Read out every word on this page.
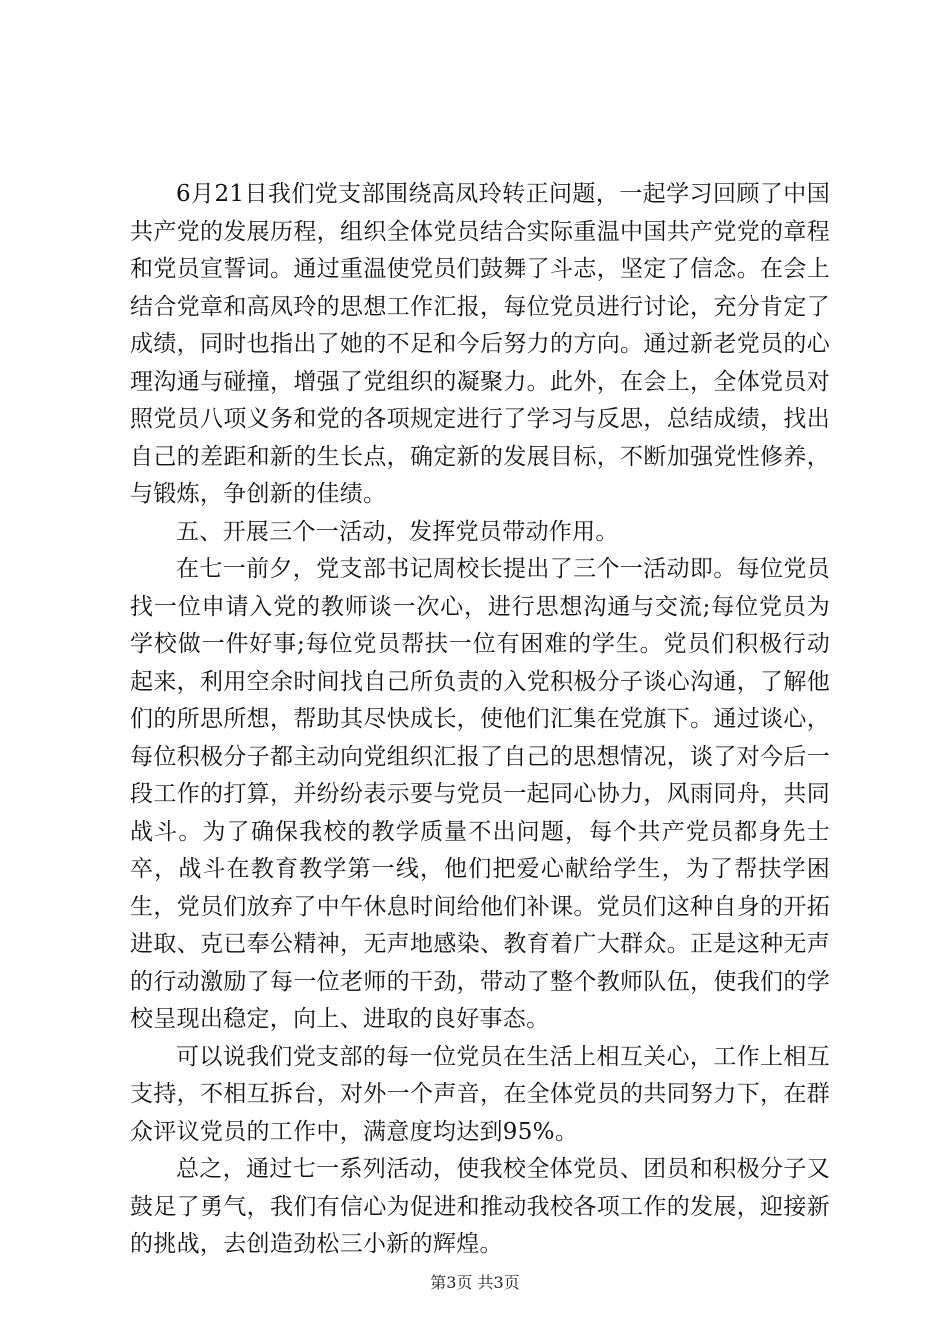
6月21日我们党支部围绕高凤玲转正问题，一起学习回顾了中国共产党的发展历程，组织全体党员结合实际重温中国共产党党的章程和党员宣誓词。通过重温使党员们鼓舞了斗志，坚定了信念。在会上结合党章和高凤玲的思想工作汇报，每位党员进行讨论，充分肯定了成绩，同时也指出了她的不足和今后努力的方向。通过新老党员的心理沟通与碰撞，增强了党组织的凝聚力。此外，在会上，全体党员对照党员八项义务和党的各项规定进行了学习与反思，总结成绩，找出自己的差距和新的生长点，确定新的发展目标，不断加强党性修养，与锻炼，争创新的佳绩。

五、开展三个一活动，发挥党员带动作用。

在七一前夕，党支部书记周校长提出了三个一活动即。每位党员找一位申请入党的教师谈一次心，进行思想沟通与交流;每位党员为学校做一件好事;每位党员帮扶一位有困难的学生。党员们积极行动起来，利用空余时间找自己所负责的入党积极分子谈心沟通，了解他们的所思所想，帮助其尽快成长，使他们汇集在党旗下。通过谈心，每位积极分子都主动向党组织汇报了自己的思想情况，谈了对今后一段工作的打算，并纷纷表示要与党员一起同心协力，风雨同舟，共同战斗。为了确保我校的教学质量不出问题，每个共产党员都身先士卒，战斗在教育教学第一线，他们把爱心献给学生，为了帮扶学困生，党员们放弃了中午休息时间给他们补课。党员们这种自身的开拓进取、克已奉公精神，无声地感染、教育着广大群众。正是这种无声的行动激励了每一位老师的干劲，带动了整个教师队伍，使我们的学校呈现出稳定，向上、进取的良好事态。

可以说我们党支部的每一位党员在生活上相互关心，工作上相互支持，不相互拆台，对外一个声音，在全体党员的共同努力下，在群众评议党员的工作中，满意度均达到95%。

总之，通过七一系列活动，使我校全体党员、团员和积极分子又鼓足了勇气，我们有信心为促进和推动我校各项工作的发展，迎接新的挑战，去创造劲松三小新的辉煌。

第3页 共3页
